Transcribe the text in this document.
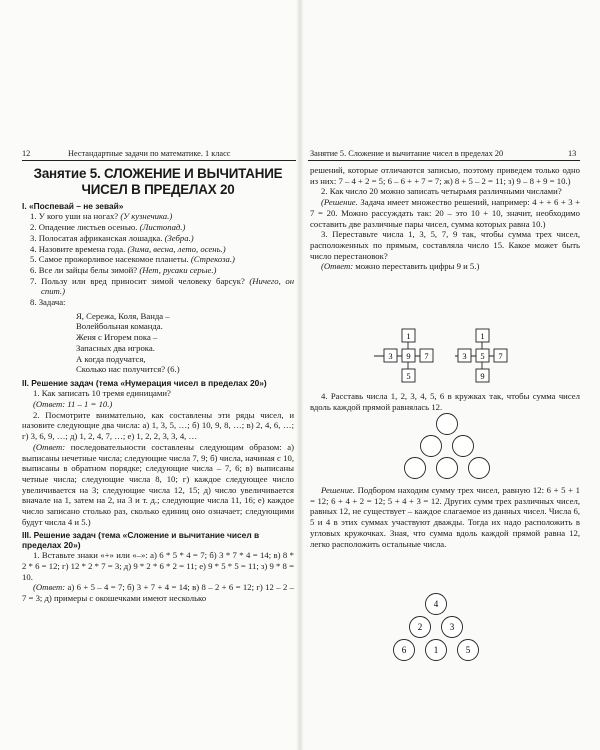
12	Нестандартные задачи по математике. 1 класс
Занятие 5. СЛОЖЕНИЕ И ВЫЧИТАНИЕ ЧИСЕЛ В ПРЕДЕЛАХ 20

I. «Поспевай – не зевай»

1. У кого уши на ногах? (У кузнечика.)

2. Опадение листьев осенью. (Листопад.)

3. Полосатая африканская лошадка. (Зебра.)

4. Назовите времена года. (Зима, весна, лето, осень.)

5. Самое прожорливое насекомое планеты. (Стрекоза.)

6. Все ли зайцы белы зимой? (Нет, русаки серые.)

7. Пользу или вред приносит зимой человеку барсук? (Ничего, он спит.)

8. Задача:

Я, Сережа, Коля, Ванда –

Волейбольная команда.

Женя с Игорем пока –

Запасных два игрока.

А когда подучатся,

Сколько нас получится? (6.)

II. Решение задач (тема «Нумерация чисел в пределах 20»)

1. Как записать 10 тремя единицами?

(Ответ: 11 – 1 = 10.)

2. Посмотрите внимательно, как составлены эти ряды чисел, и назовите следующие два числа: а) 1, 3, 5, …; б) 10, 9, 8, …; в) 2, 4, 6, …; г) 3, 6, 9, …; д) 1, 2, 4, 7, …; е) 1, 2, 2, 3, 3, 4, …

(Ответ: последовательности составлены следующим образом: а) выписаны нечетные числа; следующие числа 7, 9; б) числа, начиная с 10, выписаны в обратном порядке; следующие числа – 7, 6; в) выписаны четные числа; следующие числа 8, 10; г) каждое следующее число увеличивается на 3; следующие числа 12, 15; д) число увеличивается вначале на 1, затем на 2, на 3 и т. д.; следующие числа 11, 16; е) каждое число записано столько раз, сколько единиц оно означает; следующими будут числа 4 и 5.)

III. Решение задач (тема «Сложение и вычитание чисел в пределах 20»)

1. Вставьте знаки «+» или «–»: а) 6 * 5 * 4 = 7; б) 3 * 7 * 4 = 14; в) 8 * 2 * 6 = 12; г) 12 * 2 * 7 = 3; д) 9 * 2 * 6 * 2 = 11; е) 9 * 5 * 5 = 11; з) 9 * 8 = 10.

(Ответ: а) 6 + 5 – 4 = 7; б) 3 + 7 + 4 = 14; в) 8 – 2 + 6 = 12; г) 12 – 2 – 7 = 3; д) примеры с окошечками имеют несколько

Занятие 5. Сложение и вычитание чисел в пределах 20	13

решений, которые отличаются записью, поэтому приведем только одно из них: 7 – 4 + 2 = 5; 6 – 6 + + 7 = 7; ж) 8 + 5 – 2 = 11; з) 9 – 8 + 9 = 10.)

2. Как число 20 можно записать четырьмя различными числами?

(Решение. Задача имеет множество решений, например: 4 + + 6 + 3 + 7 = 20. Можно рассуждать так: 20 – это 10 + 10, значит, необходимо составить две различные пары чисел, сумма которых равна 10.)

3. Переставьте числа 1, 3, 5, 7, 9 так, чтобы сумма трех чисел, расположенных по прямым, составляла число 15. Какое может быть число перестановок?

(Ответ: можно переставить цифры 9 и 5.)

1
3 9 7
5
1
3 5 7
9

4. Расставь числа 1, 2, 3, 4, 5, 6 в кружках так, чтобы сумма чисел вдоль каждой прямой равнялась 12.

Решение. Подбором находим сумму трех чисел, равную 12: 6 + 5 + 1 = 12; 6 + 4 + 2 = 12; 5 + 4 + 3 = 12. Других сумм трех различных чисел, равных 12, не существует – каждое слагаемое из данных чисел. Числа 6, 5 и 4 в этих суммах участвуют дважды. Тогда их надо расположить в угловых кружочках. Зная, что сумма вдоль каждой прямой равна 12, легко расположить остальные числа.

4
2	3
6	1	5
